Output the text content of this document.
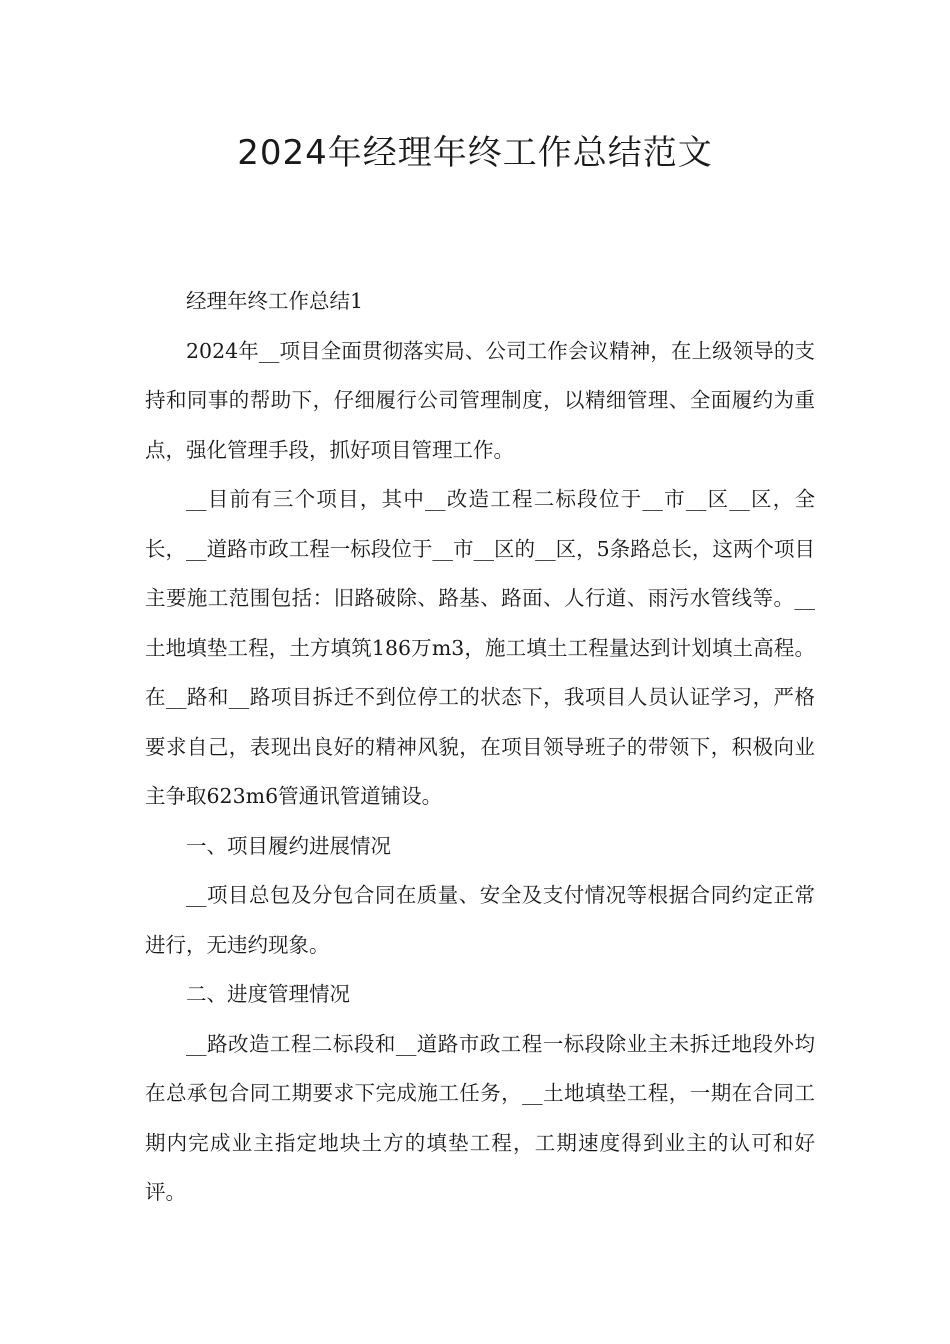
2024年经理年终工作总结范文

经理年终工作总结1

2024年__项目全面贯彻落实局、公司工作会议精神，在上级领导的支持和同事的帮助下，仔细履行公司管理制度，以精细管理、全面履约为重点，强化管理手段，抓好项目管理工作。

__目前有三个项目，其中__改造工程二标段位于__市__区__区，全长，__道路市政工程一标段位于__市__区的__区，5条路总长，这两个项目主要施工范围包括：旧路破除、路基、路面、人行道、雨污水管线等。__土地填垫工程，土方填筑186万m3，施工填土工程量达到计划填土高程。在__路和__路项目拆迁不到位停工的状态下，我项目人员认证学习，严格要求自己，表现出良好的精神风貌，在项目领导班子的带领下，积极向业主争取623m6管通讯管道铺设。

一、项目履约进展情况

__项目总包及分包合同在质量、安全及支付情况等根据合同约定正常进行，无违约现象。

二、进度管理情况

__路改造工程二标段和__道路市政工程一标段除业主未拆迁地段外均在总承包合同工期要求下完成施工任务，__土地填垫工程，一期在合同工期内完成业主指定地块土方的填垫工程，工期速度得到业主的认可和好评。
